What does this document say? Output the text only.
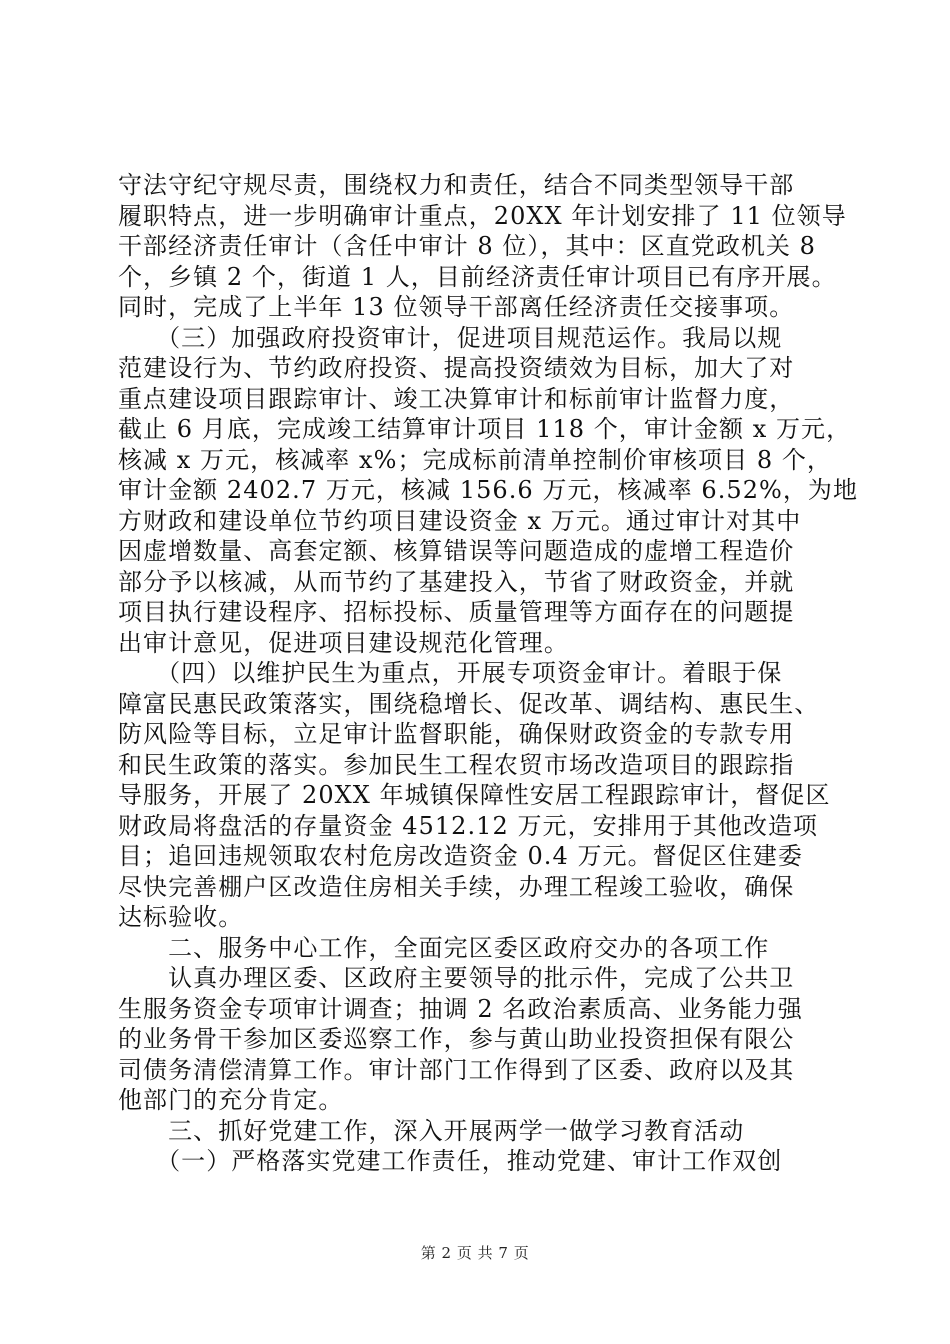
守法守纪守规尽责，围绕权力和责任，结合不同类型领导干部
履职特点，进一步明确审计重点，20XX 年计划安排了 11 位领导
干部经济责任审计（含任中审计 8 位），其中：区直党政机关 8
个，乡镇 2 个，街道 1 人，目前经济责任审计项目已有序开展。
同时，完成了上半年 13 位领导干部离任经济责任交接事项。
　　（三）加强政府投资审计，促进项目规范运作。我局以规
范建设行为、节约政府投资、提高投资绩效为目标，加大了对
重点建设项目跟踪审计、竣工决算审计和标前审计监督力度，
截止 6 月底，完成竣工结算审计项目 118 个，审计金额 x 万元，
核减 x 万元，核减率 x%；完成标前清单控制价审核项目 8 个，
审计金额 2402.7 万元，核减 156.6 万元，核减率 6.52%，为地
方财政和建设单位节约项目建设资金 x 万元。通过审计对其中
因虚增数量、高套定额、核算错误等问题造成的虚增工程造价
部分予以核减，从而节约了基建投入，节省了财政资金，并就
项目执行建设程序、招标投标、质量管理等方面存在的问题提
出审计意见，促进项目建设规范化管理。
　　（四）以维护民生为重点，开展专项资金审计。着眼于保
障富民惠民政策落实，围绕稳增长、促改革、调结构、惠民生、
防风险等目标，立足审计监督职能，确保财政资金的专款专用
和民生政策的落实。参加民生工程农贸市场改造项目的跟踪指
导服务，开展了 20XX 年城镇保障性安居工程跟踪审计，督促区
财政局将盘活的存量资金 4512.12 万元，安排用于其他改造项
目；追回违规领取农村危房改造资金 0.4 万元。督促区住建委
尽快完善棚户区改造住房相关手续，办理工程竣工验收，确保
达标验收。
　　二、服务中心工作，全面完区委区政府交办的各项工作
　　认真办理区委、区政府主要领导的批示件，完成了公共卫
生服务资金专项审计调查；抽调 2 名政治素质高、业务能力强
的业务骨干参加区委巡察工作，参与黄山助业投资担保有限公
司债务清偿清算工作。审计部门工作得到了区委、政府以及其
他部门的充分肯定。
　　三、抓好党建工作，深入开展两学一做学习教育活动
　　（一）严格落实党建工作责任，推动党建、审计工作双创
第 2 页 共 7 页
